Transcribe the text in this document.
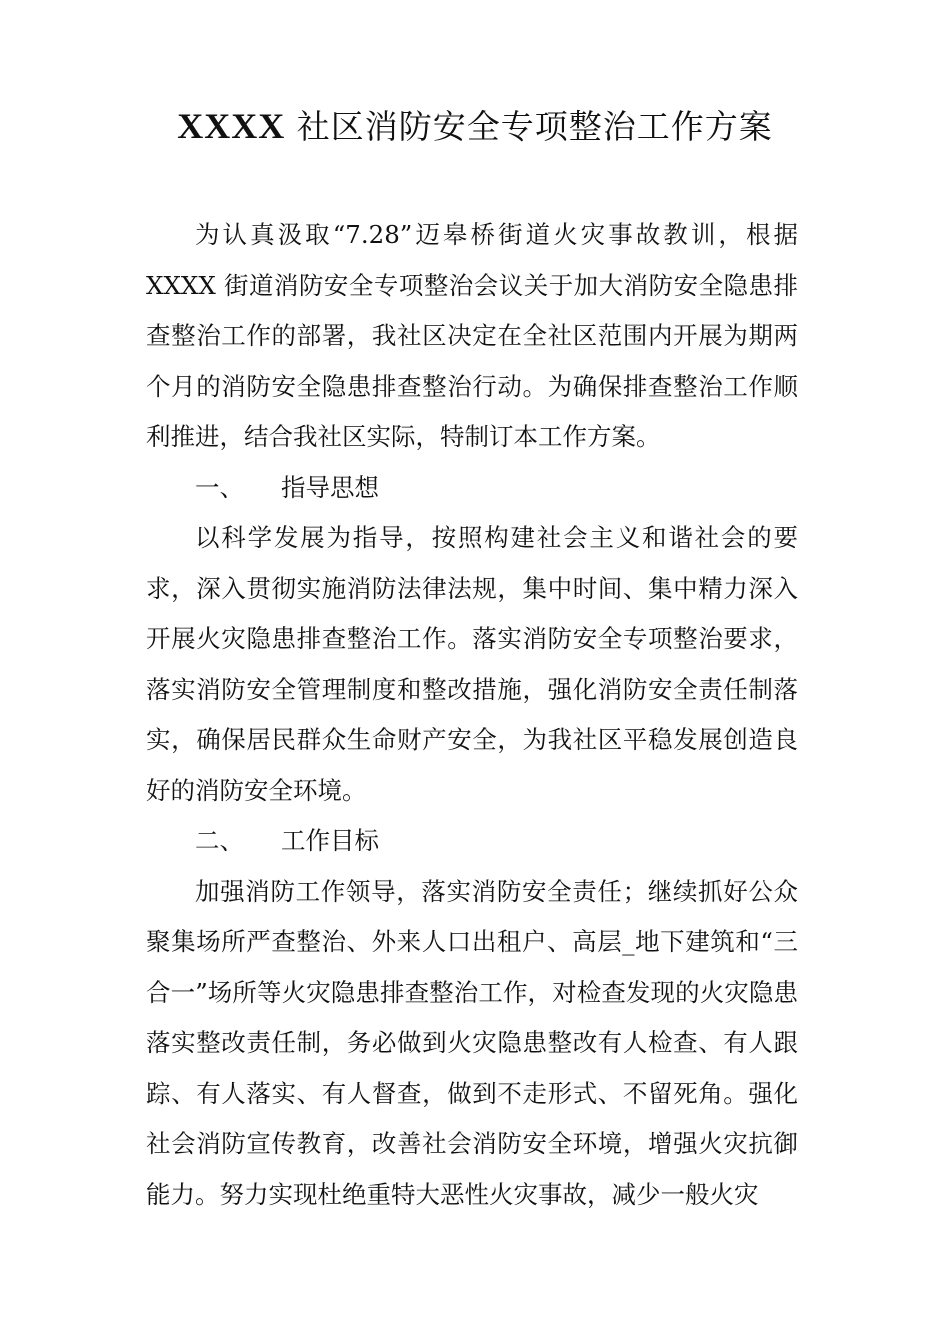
XXXX 社区消防安全专项整治工作方案

为认真汲取“7.28”迈皋桥街道火灾事故教训，根据XXXX 街道消防安全专项整治会议关于加大消防安全隐患排查整治工作的部署，我社区决定在全社区范围内开展为期两个月的消防安全隐患排查整治行动。为确保排查整治工作顺利推进，结合我社区实际，特制订本工作方案。

一、 指导思想

以科学发展为指导，按照构建社会主义和谐社会的要求，深入贯彻实施消防法律法规，集中时间、集中精力深入开展火灾隐患排查整治工作。落实消防安全专项整治要求，落实消防安全管理制度和整改措施，强化消防安全责任制落实，确保居民群众生命财产安全，为我社区平稳发展创造良好的消防安全环境。

二、 工作目标

加强消防工作领导，落实消防安全责任；继续抓好公众聚集场所严查整治、外来人口出租户、高层_地下建筑和“三合一”场所等火灾隐患排查整治工作，对检查发现的火灾隐患落实整改责任制，务必做到火灾隐患整改有人检查、有人跟踪、有人落实、有人督查，做到不走形式、不留死角。强化社会消防宣传教育，改善社会消防安全环境，增强火灾抗御能力。努力实现杜绝重特大恶性火灾事故，减少一般火灾
